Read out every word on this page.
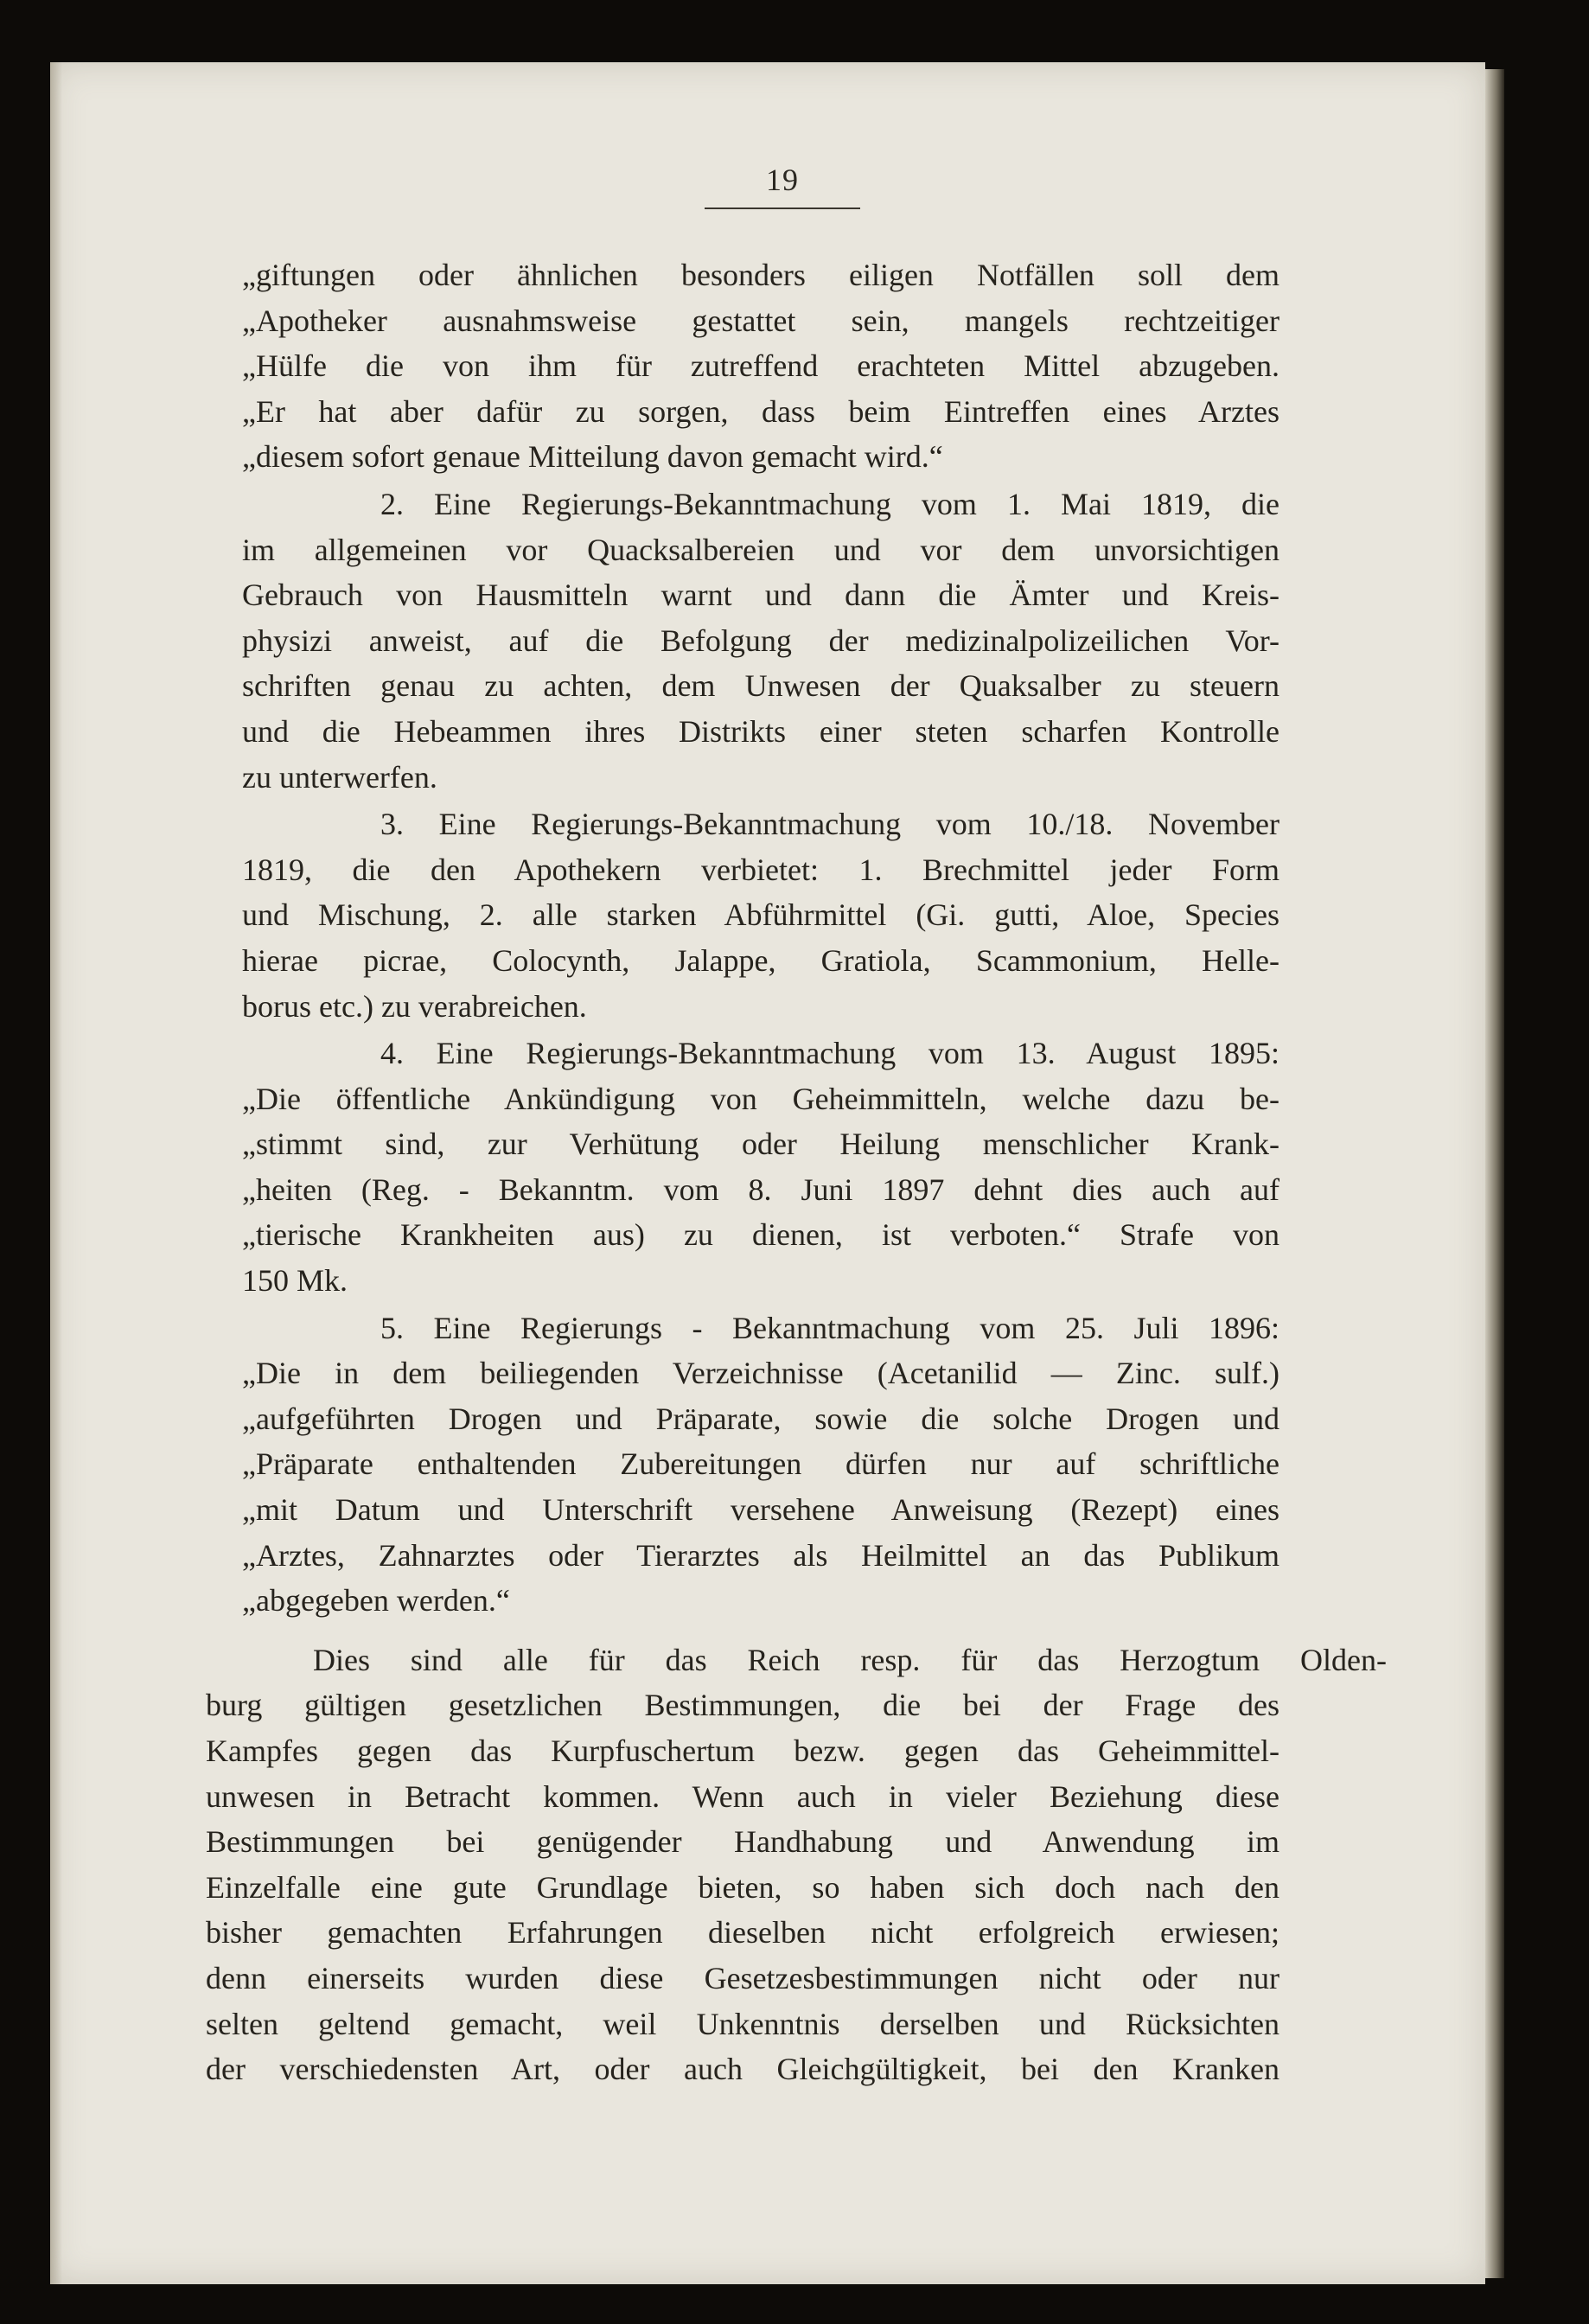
19
„giftungen oder ähnlichen besonders eiligen Notfällen soll dem
„Apotheker ausnahmsweise gestattet sein, mangels rechtzeitiger
„Hülfe die von ihm für zutreffend erachteten Mittel abzugeben.
„Er hat aber dafür zu sorgen, dass beim Eintreffen eines Arztes
„diesem sofort genaue Mitteilung davon gemacht wird.“
2. Eine Regierungs-Bekanntmachung vom 1. Mai 1819, die
im allgemeinen vor Quacksalbereien und vor dem unvorsichtigen
Gebrauch von Hausmitteln warnt und dann die Ämter und Kreis-
physizi anweist, auf die Befolgung der medizinalpolizeilichen Vor-
schriften genau zu achten, dem Unwesen der Quaksalber zu steuern
und die Hebeammen ihres Distrikts einer steten scharfen Kontrolle
zu unterwerfen.
3. Eine Regierungs-Bekanntmachung vom 10./18. November
1819, die den Apothekern verbietet: 1. Brechmittel jeder Form
und Mischung, 2. alle starken Abführmittel (Gi. gutti, Aloe, Species
hierae picrae, Colocynth, Jalappe, Gratiola, Scammonium, Helle-
borus etc.) zu verabreichen.
4. Eine Regierungs-Bekanntmachung vom 13. August 1895:
„Die öffentliche Ankündigung von Geheimmitteln, welche dazu be-
„stimmt sind, zur Verhütung oder Heilung menschlicher Krank-
„heiten (Reg. - Bekanntm. vom 8. Juni 1897 dehnt dies auch auf
„tierische Krankheiten aus) zu dienen, ist verboten.“ Strafe von
150 Mk.
5. Eine Regierungs - Bekanntmachung vom 25. Juli 1896:
„Die in dem beiliegenden Verzeichnisse (Acetanilid — Zinc. sulf.)
„aufgeführten Drogen und Präparate, sowie die solche Drogen und
„Präparate enthaltenden Zubereitungen dürfen nur auf schriftliche
„mit Datum und Unterschrift versehene Anweisung (Rezept) eines
„Arztes, Zahnarztes oder Tierarztes als Heilmittel an das Publikum
„abgegeben werden.“
Dies sind alle für das Reich resp. für das Herzogtum Olden-
burg gültigen gesetzlichen Bestimmungen, die bei der Frage des
Kampfes gegen das Kurpfuschertum bezw. gegen das Geheimmittel-
unwesen in Betracht kommen. Wenn auch in vieler Beziehung diese
Bestimmungen bei genügender Handhabung und Anwendung im
Einzelfalle eine gute Grundlage bieten, so haben sich doch nach den
bisher gemachten Erfahrungen dieselben nicht erfolgreich erwiesen;
denn einerseits wurden diese Gesetzesbestimmungen nicht oder nur
selten geltend gemacht, weil Unkenntnis derselben und Rücksichten
der verschiedensten Art, oder auch Gleichgültigkeit, bei den Kranken
